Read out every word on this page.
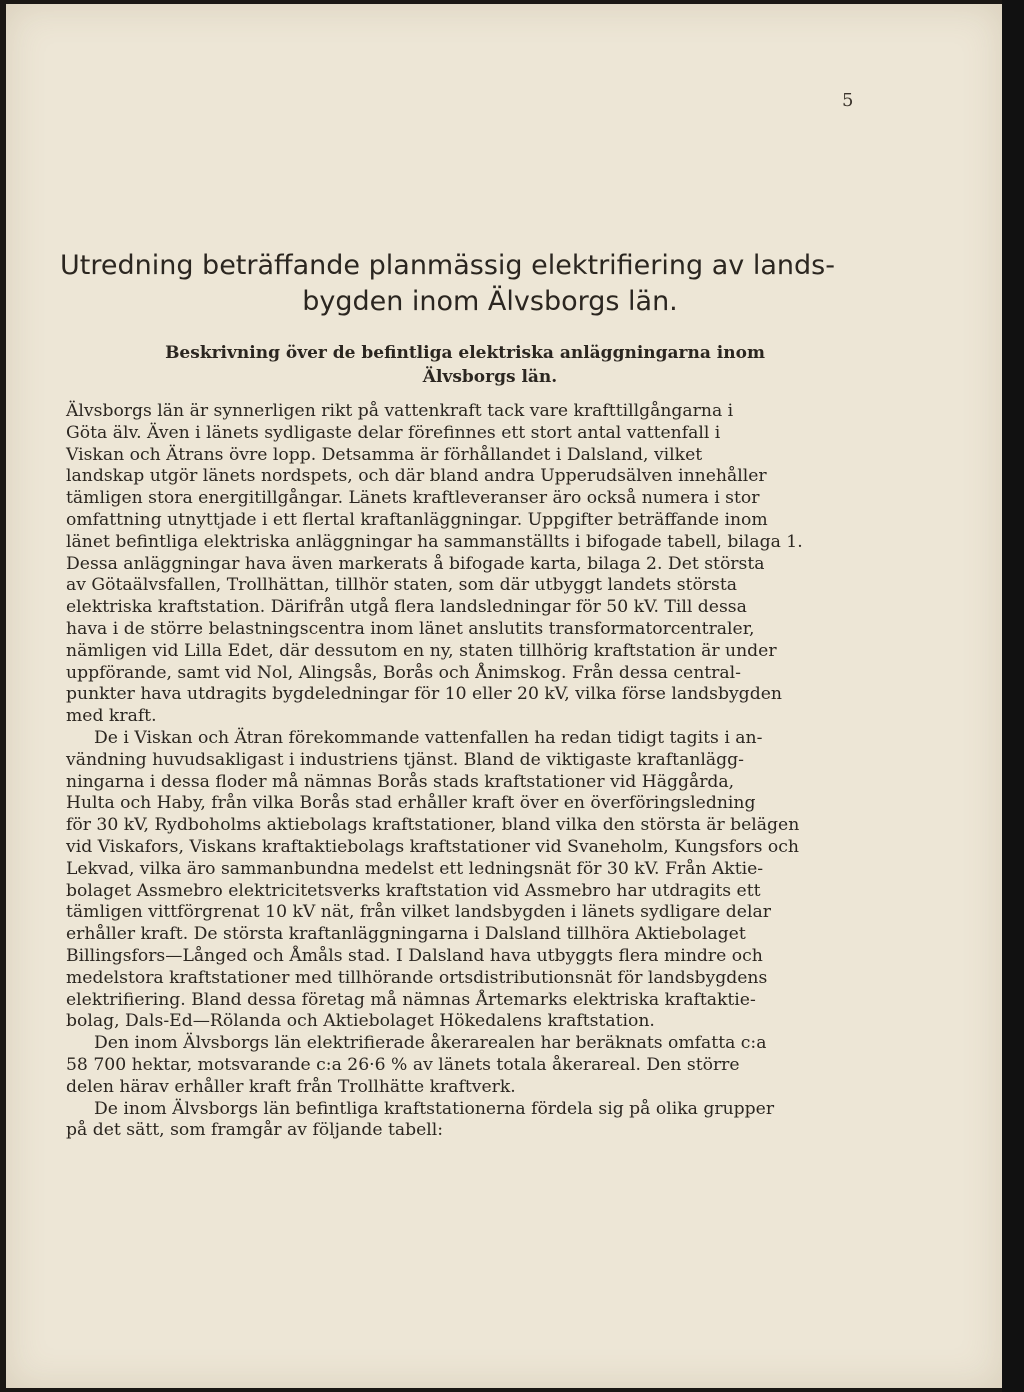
5
Utredning beträffande planmässig elektrifiering av lands-
bygden inom Älvsborgs län.
Beskrivning över de befintliga elektriska anläggningarna inom
Älvsborgs län.
Älvsborgs län är synnerligen rikt på vattenkraft tack vare krafttillgångarna i
Göta älv. Även i länets sydligaste delar förefinnes ett stort antal vattenfall i
Viskan och Ätrans övre lopp. Detsamma är förhållandet i Dalsland, vilket
landskap utgör länets nordspets, och där bland andra Upperudsälven innehåller
tämligen stora energitillgångar. Länets kraftleveranser äro också numera i stor
omfattning utnyttjade i ett flertal kraftanläggningar. Uppgifter beträffande inom
länet befintliga elektriska anläggningar ha sammanställts i bifogade tabell, bilaga 1.
Dessa anläggningar hava även markerats å bifogade karta, bilaga 2. Det största
av Götaälvsfallen, Trollhättan, tillhör staten, som där utbyggt landets största
elektriska kraftstation. Därifrån utgå flera landsledningar för 50 kV. Till dessa
hava i de större belastningscentra inom länet anslutits transformatorcentraler,
nämligen vid Lilla Edet, där dessutom en ny, staten tillhörig kraftstation är under
uppförande, samt vid Nol, Alingsås, Borås och Ånimskog. Från dessa central-
punkter hava utdragits bygdeledningar för 10 eller 20 kV, vilka förse landsbygden
med kraft.
De i Viskan och Ätran förekommande vattenfallen ha redan tidigt tagits i an-
vändning huvudsakligast i industriens tjänst. Bland de viktigaste kraftanlägg-
ningarna i dessa floder må nämnas Borås stads kraftstationer vid Häggårda,
Hulta och Haby, från vilka Borås stad erhåller kraft över en överföringsledning
för 30 kV, Rydboholms aktiebolags kraftstationer, bland vilka den största är belägen
vid Viskafors, Viskans kraftaktiebolags kraftstationer vid Svaneholm, Kungsfors och
Lekvad, vilka äro sammanbundna medelst ett ledningsnät för 30 kV. Från Aktie-
bolaget Assmebro elektricitetsverks kraftstation vid Assmebro har utdragits ett
tämligen vittförgrenat 10 kV nät, från vilket landsbygden i länets sydligare delar
erhåller kraft. De största kraftanläggningarna i Dalsland tillhöra Aktiebolaget
Billingsfors—Långed och Åmåls stad. I Dalsland hava utbyggts flera mindre och
medelstora kraftstationer med tillhörande ortsdistributionsnät för landsbygdens
elektrifiering. Bland dessa företag må nämnas Årtemarks elektriska kraftaktie-
bolag, Dals-Ed—Rölanda och Aktiebolaget Hökedalens kraftstation.
Den inom Älvsborgs län elektrifierade åkerarealen har beräknats omfatta c:a
58 700 hektar, motsvarande c:a 26·6 % av länets totala åkerareal. Den större
delen härav erhåller kraft från Trollhätte kraftverk.
De inom Älvsborgs län befintliga kraftstationerna fördela sig på olika grupper
på det sätt, som framgår av följande tabell:
